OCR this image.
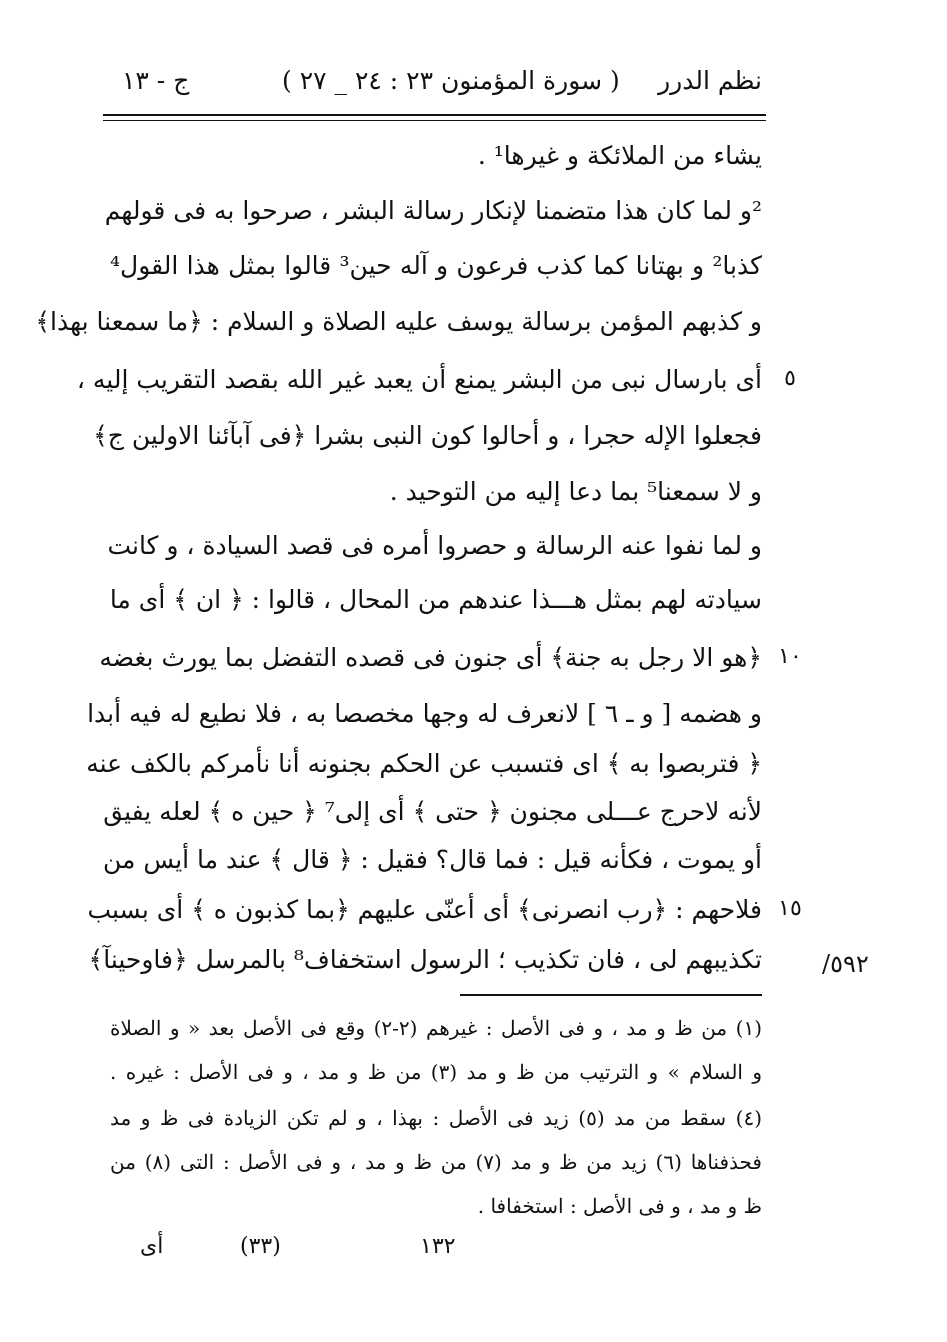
نظم الدرر
( سورة المؤمنون ٢٣ : ٢٤ _ ٢٧ )
ج - ١٣
يشاء من الملائكة و غيرها¹ .
²و لما كان هذا متضمنا لإنكار رسالة البشر ، صرحوا به فى قولهم
كذبا² و بهتانا كما كذب فرعون و آله حين³ قالوا بمثل هذا القول⁴
و كذبهم المؤمن برسالة يوسف عليه الصلاة و السلام : ﴿ما سمعنا بهذا﴾
أى بارسال نبى من البشر يمنع أن يعبد غير الله بقصد التقريب إليه ،
فجعلوا الإله حجرا ، و أحالوا كون النبى بشرا ﴿فى آبآئنا الاولين ج﴾
و لا سمعنا⁵ بما دعا إليه من التوحيد .
و لما نفوا عنه الرسالة و حصروا أمره فى قصد السيادة ، و كانت
سيادته لهم بمثل هـــذا عندهم من المحال ، قالوا : ﴿ ان ﴾ أى ما
﴿هو الا رجل به جنة﴾ أى جنون فى قصده التفضل بما يورث بغضه
و هضمه [ و ـ ٦ ] لانعرف له وجها مخصصا به ، فلا نطيع له فيه أبدا
﴿ فتربصوا به ﴾ اى فتسبب عن الحكم بجنونه أنا نأمركم بالكف عنه
لأنه لاحرج عـــلى مجنون ﴿ حتى ﴾ أى إلى⁷ ﴿ حين ه ﴾ لعله يفيق
أو يموت ، فكأنه قيل : فما قال؟ فقيل : ﴿ قال ﴾ عند ما أيس من
فلاحهم : ﴿رب انصرنى﴾ أى أعنّى عليهم ﴿بما كذبون ه ﴾ أى بسبب
تكذيبهم لى ، فان تكذيب ؛ الرسول استخفاف⁸ بالمرسل ﴿فاوحينآ﴾
٥
١٠
١٥
٥٩٢/
(١) من ظ و مد ، و فى الأصل : غيرهم (٢-٢) وقع فى الأصل بعد « و الصلاة
و السلام » و الترتيب من ظ و مد (٣) من ظ و مد ، و فى الأصل : غيره .
(٤) سقط من مد (٥) زيد فى الأصل : بهذا ، و لم تكن الزيادة فى ظ و مد
فحذفناها (٦) زيد من ظ و مد (٧) من ظ و مد ، و فى الأصل : التى (٨) من
ظ و مد ، و فى الأصل : استخفافا .
أى	(٣٣)	١٣٢
